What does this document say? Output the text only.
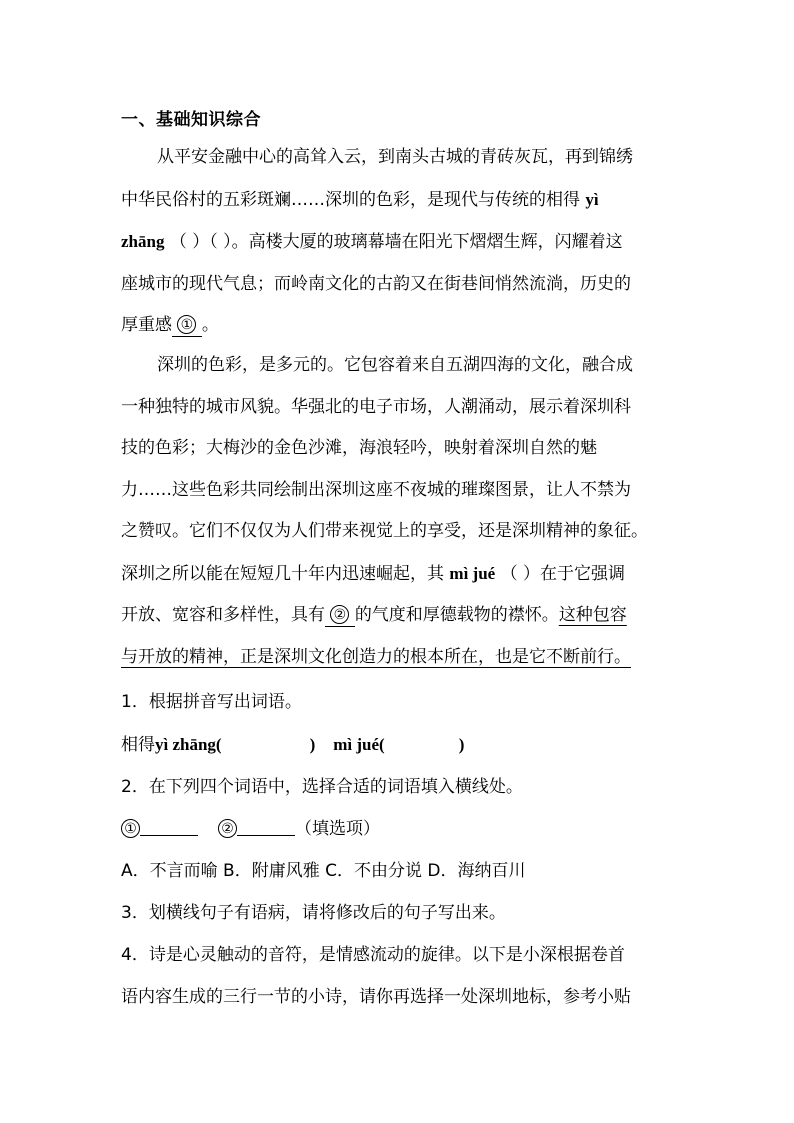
一、基础知识综合
从平安金融中心的高耸入云，到南头古城的青砖灰瓦，再到锦绣
中华民俗村的五彩斑斓……深圳的色彩，是现代与传统的相得 yì
zhāng （ ）（ ）。高楼大厦的玻璃幕墙在阳光下熠熠生辉，闪耀着这
座城市的现代气息；而岭南文化的古韵又在街巷间悄然流淌，历史的
厚重感 ① 。
深圳的色彩，是多元的。它包容着来自五湖四海的文化，融合成
一种独特的城市风貌。华强北的电子市场，人潮涌动，展示着深圳科
技的色彩；大梅沙的金色沙滩，海浪轻吟，映射着深圳自然的魅
力……这些色彩共同绘制出深圳这座不夜城的璀璨图景，让人不禁为
之赞叹。它们不仅仅为人们带来视觉上的享受，还是深圳精神的象征。
深圳之所以能在短短几十年内迅速崛起，其 mì jué （ ）在于它强调
开放、宽容和多样性，具有 ② 的气度和厚德载物的襟怀。这种包容
与开放的精神，正是深圳文化创造力的根本所在，也是它不断前行。
1．根据拼音写出词语。
相得yì zhāng(	) mì jué(	)
2．在下列四个词语中，选择合适的词语填入横线处。
①	②	（填选项）
A．不言而喻 B．附庸风雅 C．不由分说 D．海纳百川
3．划横线句子有语病，请将修改后的句子写出来。
4．诗是心灵触动的音符，是情感流动的旋律。以下是小深根据卷首
语内容生成的三行一节的小诗，请你再选择一处深圳地标，参考小贴
